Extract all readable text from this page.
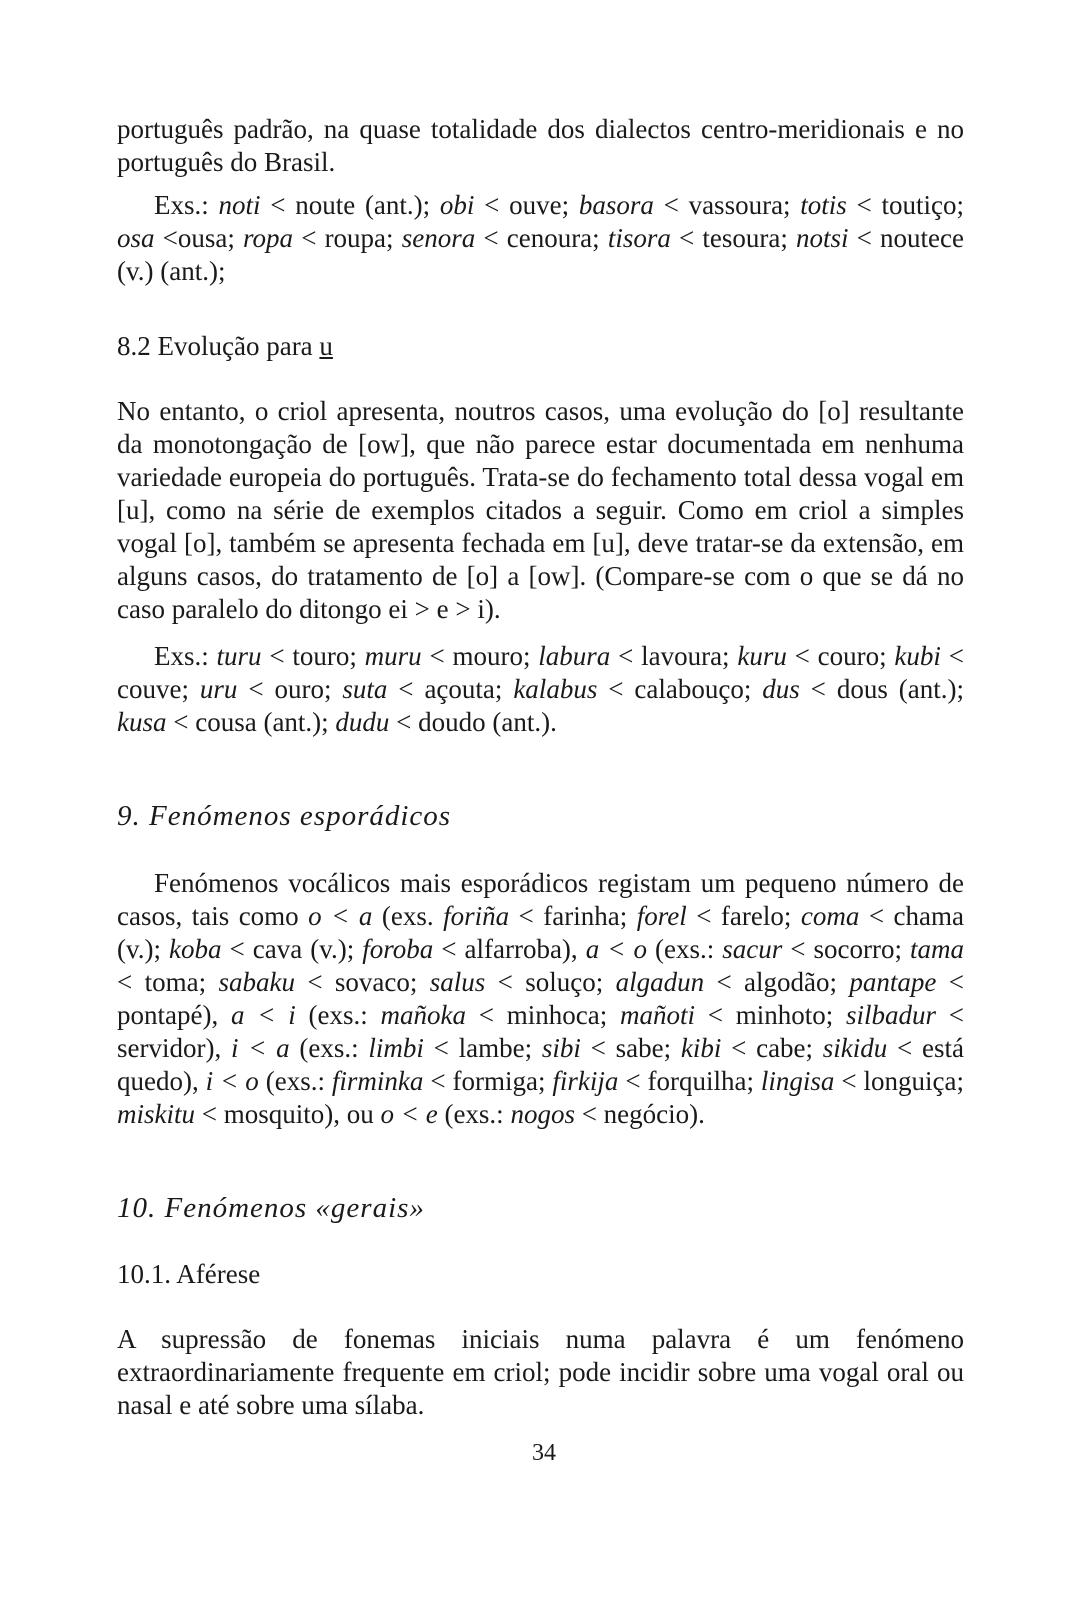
português padrão, na quase totalidade dos dialectos centro-meridionais e no português do Brasil.

Exs.: noti < noute (ant.); obi < ouve; basora < vassoura; totis < toutiço; osa <ousa; ropa < roupa; senora < cenoura; tisora < tesoura; notsi < noutece (v.) (ant.);

8.2 Evolução para u

No entanto, o criol apresenta, noutros casos, uma evolução do [o] resultante da monotongação de [ow], que não parece estar documentada em nenhuma variedade europeia do português. Trata-se do fechamento total dessa vogal em [u], como na série de exemplos citados a seguir. Como em criol a simples vogal [o], também se apresenta fechada em [u], deve tratar-se da extensão, em alguns casos, do tratamento de [o] a [ow]. (Compare-se com o que se dá no caso paralelo do ditongo ei > e > i).

Exs.: turu < touro; muru < mouro; labura < lavoura; kuru < couro; kubi < couve; uru < ouro; suta < açouta; kalabus < calabouço; dus < dous (ant.); kusa < cousa (ant.); dudu < doudo (ant.).

9. Fenómenos esporádicos

Fenómenos vocálicos mais esporádicos registam um pequeno número de casos, tais como o < a (exs. foriña < farinha; forel < farelo; coma < chama (v.); koba < cava (v.); foroba < alfarroba), a < o (exs.: sacur < socorro; tama < toma; sabaku < sovaco; salus < soluço; algadun < algodão; pantape < pontapé), a < i (exs.: mañoka < minhoca; mañoti < minhoto; silbadur < servidor), i < a (exs.: limbi < lambe; sibi < sabe; kibi < cabe; sikidu < está quedo), i < o (exs.: firminka < formiga; firkija < forquilha; lingisa < longuiça; miskitu < mosquito), ou o < e (exs.: nogos < negócio).

10. Fenómenos «gerais»

10.1. Aférese

A supressão de fonemas iniciais numa palavra é um fenómeno extraordinariamente frequente em criol; pode incidir sobre uma vogal oral ou nasal e até sobre uma sílaba.

34
